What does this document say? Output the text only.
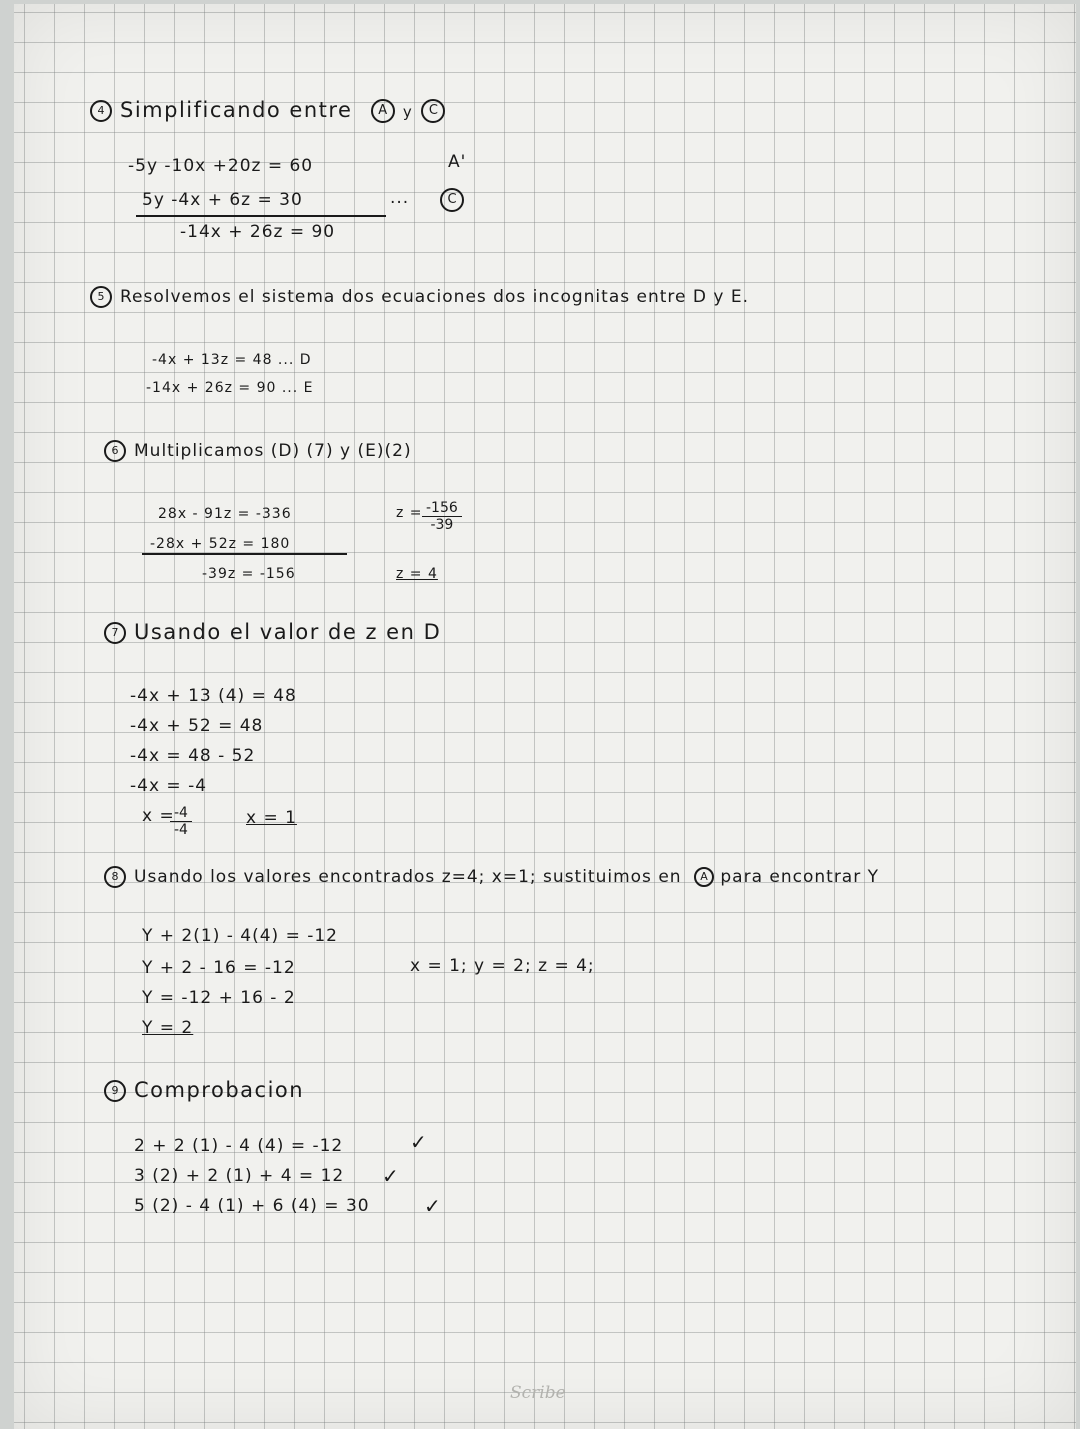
4 Simplificando entre A y C
-5y -10x +20z = 60	A'
5y -4x + 6z = 30	...	C
-14x + 26z = 90
5 Resolvemos el sistema dos ecuaciones dos incognitas entre D y E.
-4x + 13z = 48 ... D
-14x + 26z = 90 ... E
6 Multiplicamos (D) (7) y (E)(2)
28x - 91z = -336
-28x + 52z = 180
-39z = -156
$z = \frac{-156}{-39}$
z = 4
7 Usando el valor de z en D
-4x + 13 (4) = 48
-4x + 52 = 48
-4x = 48 - 52
-4x = -4
x =
$\frac{-4}{-4}$	x = 1
8 Usando los valores encontrados z=4; x=1; sustituimos en A para encontrar Y
Y + 2(1) - 4(4) = -12
Y + 2 - 16 = -12
Y = -12 + 16 - 2
Y = 2
x = 1; y = 2; z = 4;
9 Comprobacion
2 + 2 (1) - 4 (4) = -12	✓
3 (2) + 2 (1) + 4 = 12 ✓
5 (2) - 4 (1) + 6 (4) = 30	✓
Scribe
